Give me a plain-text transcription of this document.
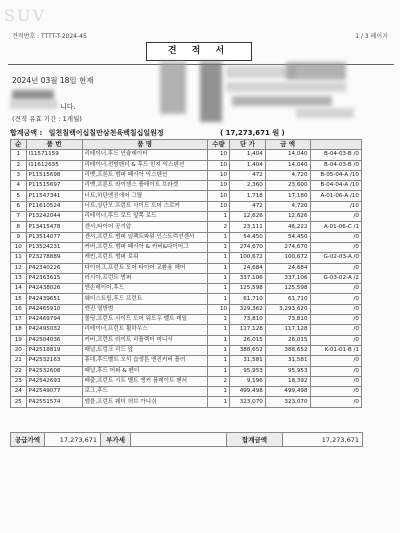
SUV
견적번호 : TTTT-T-2024-45	1 / 3 페이지
견 적 서
2024년 03월 18일 현재
니다.
(견적 유효 기간 : 1개월)
합계금액 : 일천칠백이십칠만삼천육백칠십일원정	( 17,273,671 원 )
순	품 번	품 명	수량	단 가	금 액	
1	I11571159	리테이너,후드 인슐레이터	10	1,404	14,040	B-04-03-B /0
2	I11612635	리테이너,전방펜더 & 후드 힌지 익스텐션	10	1,404	14,040	B-04-03-B /0
3	P11515698	리벳,프론트 범퍼 페시아 익스텐션	10	472	4,720	B-05-04-A /10
4	P11515697	리벳,프론트 라이센스 플레이트 브라켓	10	2,360	23,600	B-04-04-A /10
5	P11547341	너트,하단엔진에어 그릴	10	1,718	17,180	A-01-06-A /10
6	P11610524	너트,상단모 프런트 사이드 도어 스로커	10	472	4,720	/10
7	P13242044	리테이너,후드 로드 앞쪽 로드	1	12,626	12,626	/0
8	P13415478	센서,타이어 공기압	2	23,111	46,222	A-01-06-C /1
9	P13514077	센서,프런트 범퍼 임팩트파워 인스트럭션센서	1	54,450	54,450	/0
10	P13524231	커버,프런트 범퍼 페시아 & 커버&다이어그	1	274,670	274,670	/0
11	P23278889	캐빈,프런트 범퍼 로워	1	100,672	100,672	G-02-03-A /0
12	P42340226	다이어그,프런트 도어 타이어 교환용 헤어	1	24,684	24,684	/0
13	P42363615	러시아,프런트 범퍼	1	337,106	337,106	G-03-02-A /2
14	P42438026	앤손레이어,후드	1	125,598	125,598	/0
15	P42439651	웨더스트립,후드 프런트	1	61,710	61,710	/0
16	P42465910	엔진 열방범	10	329,362	3,293,620	/0
17	P42469794	몰딩,프런트 사이드 도어 워도우 벨트 레일	1	73,810	73,810	/0
18	P42495032	리테이너,프런트 휠하우스	1	117,128	117,128	/0
19	P42504036	커버,프런트 라이트 리플렉터 머니서	1	26,015	26,015	/0
20	P42518819	패널,트렁크 리드 앞	1	388,652	388,652	K-01-01-B /1
21	P42532163	휴대,후드벨트 오석 습생튼 엔진커버 플러	1	31,581	31,581	/0
22	P42532608	패널,후드 어퍼 & 펜더	1	95,953	95,953	/0
23	P42542693	배출,프런트 시트 벨트 앵커 플레이트 펜서	2	9,196	18,392	/0
24	P42549077	로그,후드	1	499,498	499,498	/0
25	P42551574	앰블,프런트 웨더 허브 가니쉬	1	323,070	323,070	/0
공급가액	17,273,671	부가세		합계금액	17,273,671
